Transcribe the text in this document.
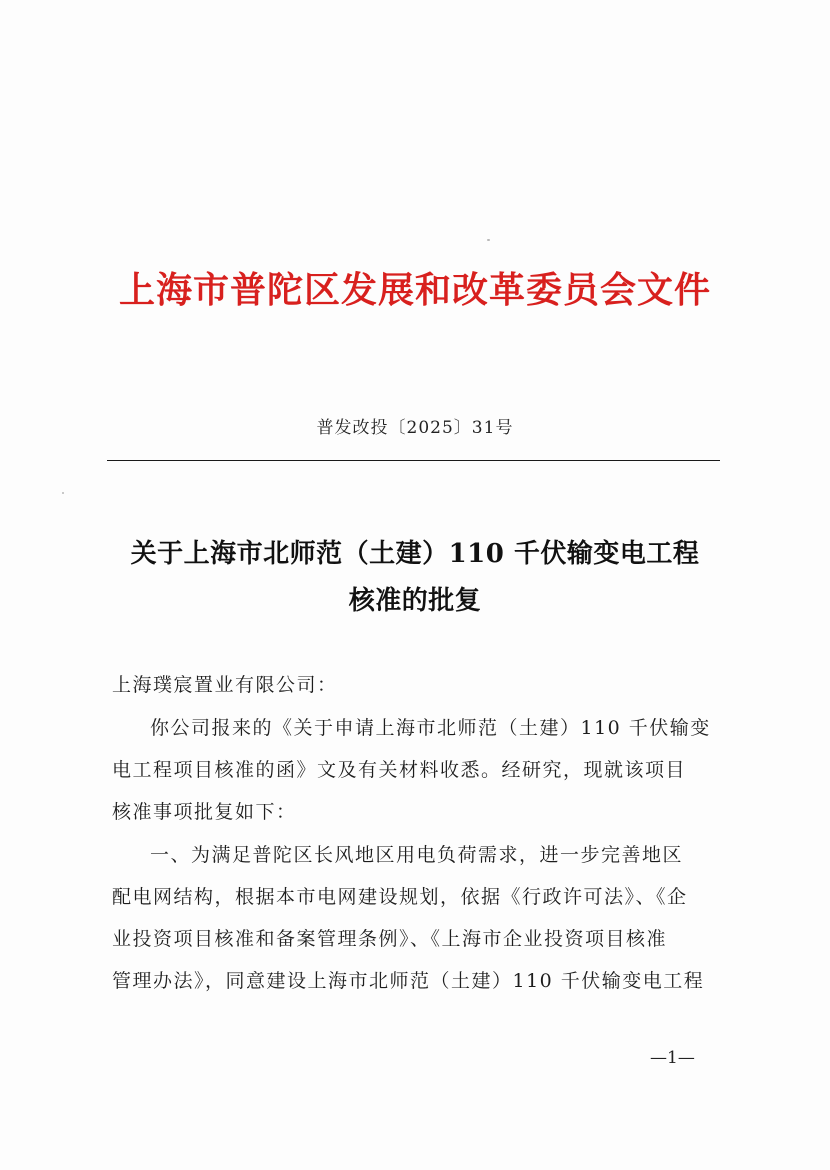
上海市普陀区发展和改革委员会文件
普发改投〔2025〕31号
关于上海市北师范（土建）110 千伏输变电工程
核准的批复
上海璞宸置业有限公司：
你公司报来的《关于申请上海市北师范（土建）110 千伏输变
电工程项目核准的函》文及有关材料收悉。经研究，现就该项目
核准事项批复如下：
一、为满足普陀区长风地区用电负荷需求，进一步完善地区
配电网结构，根据本市电网建设规划，依据《行政许可法》、《企
业投资项目核准和备案管理条例》、《上海市企业投资项目核准
管理办法》，同意建设上海市北师范（土建）110 千伏输变电工程
—1—
